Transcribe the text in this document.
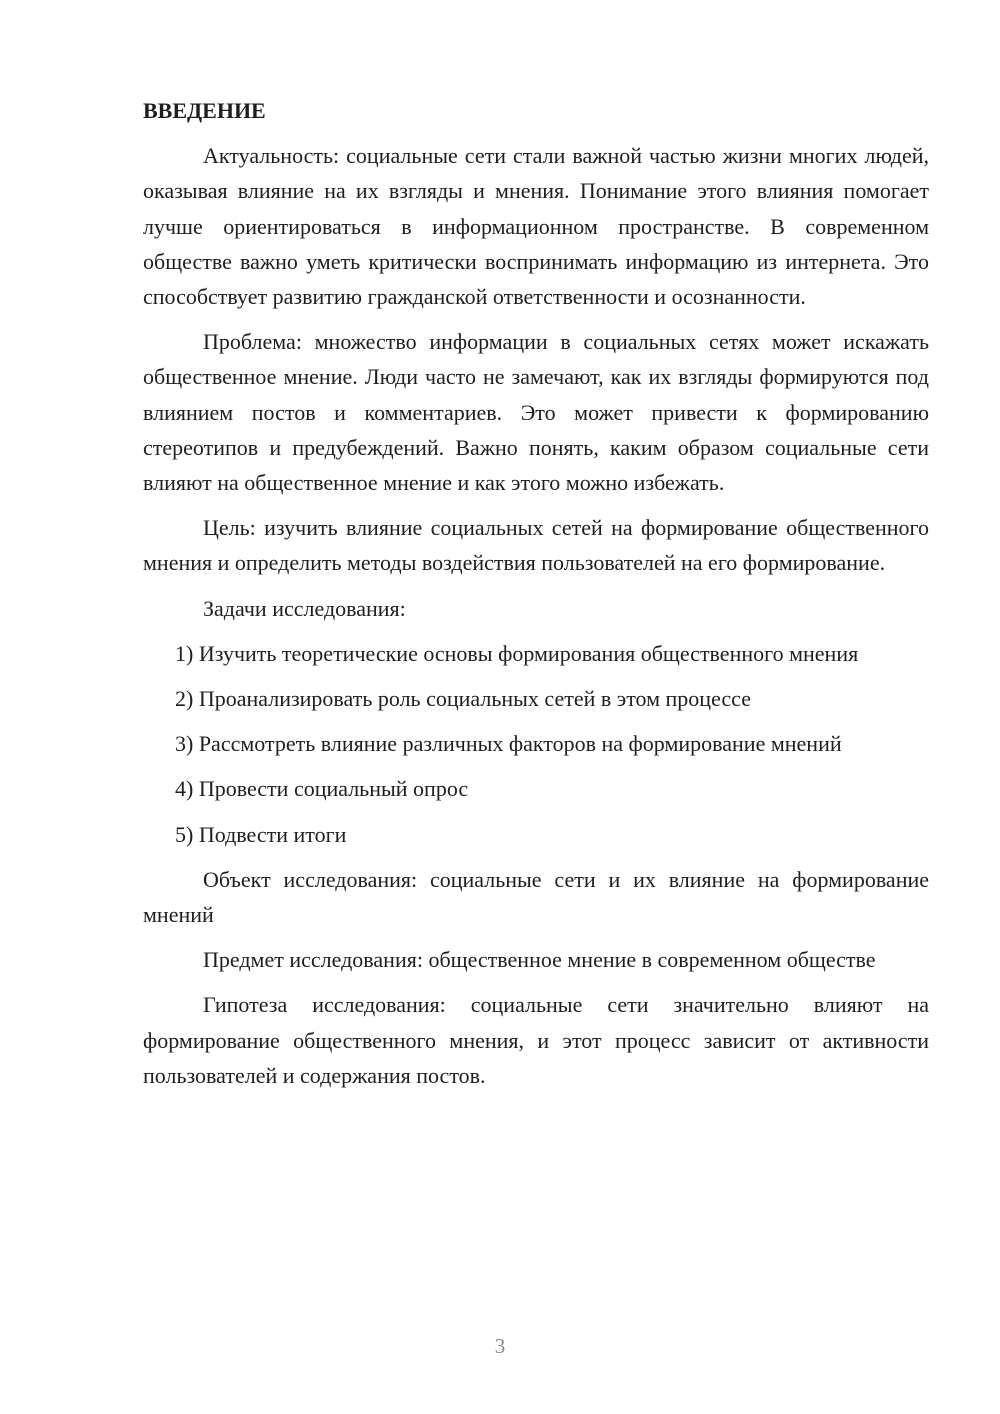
ВВЕДЕНИЕ

Актуальность: социальные сети стали важной частью жизни многих людей, оказывая влияние на их взгляды и мнения. Понимание этого влияния помогает лучше ориентироваться в информационном пространстве. В современном обществе важно уметь критически воспринимать информацию из интернета. Это способствует развитию гражданской ответственности и осознанности.

Проблема: множество информации в социальных сетях может искажать общественное мнение. Люди часто не замечают, как их взгляды формируются под влиянием постов и комментариев. Это может привести к формированию стереотипов и предубеждений. Важно понять, каким образом социальные сети влияют на общественное мнение и как этого можно избежать.

Цель: изучить влияние социальных сетей на формирование общественного мнения и определить методы воздействия пользователей на его формирование.

Задачи исследования:

1) Изучить теоретические основы формирования общественного мнения

2) Проанализировать роль социальных сетей в этом процессе

3) Рассмотреть влияние различных факторов на формирование мнений

4) Провести социальный опрос

5) Подвести итоги

Объект исследования: социальные сети и их влияние на формирование мнений

Предмет исследования: общественное мнение в современном обществе

Гипотеза исследования: социальные сети значительно влияют на формирование общественного мнения, и этот процесс зависит от активности пользователей и содержания постов.

3
